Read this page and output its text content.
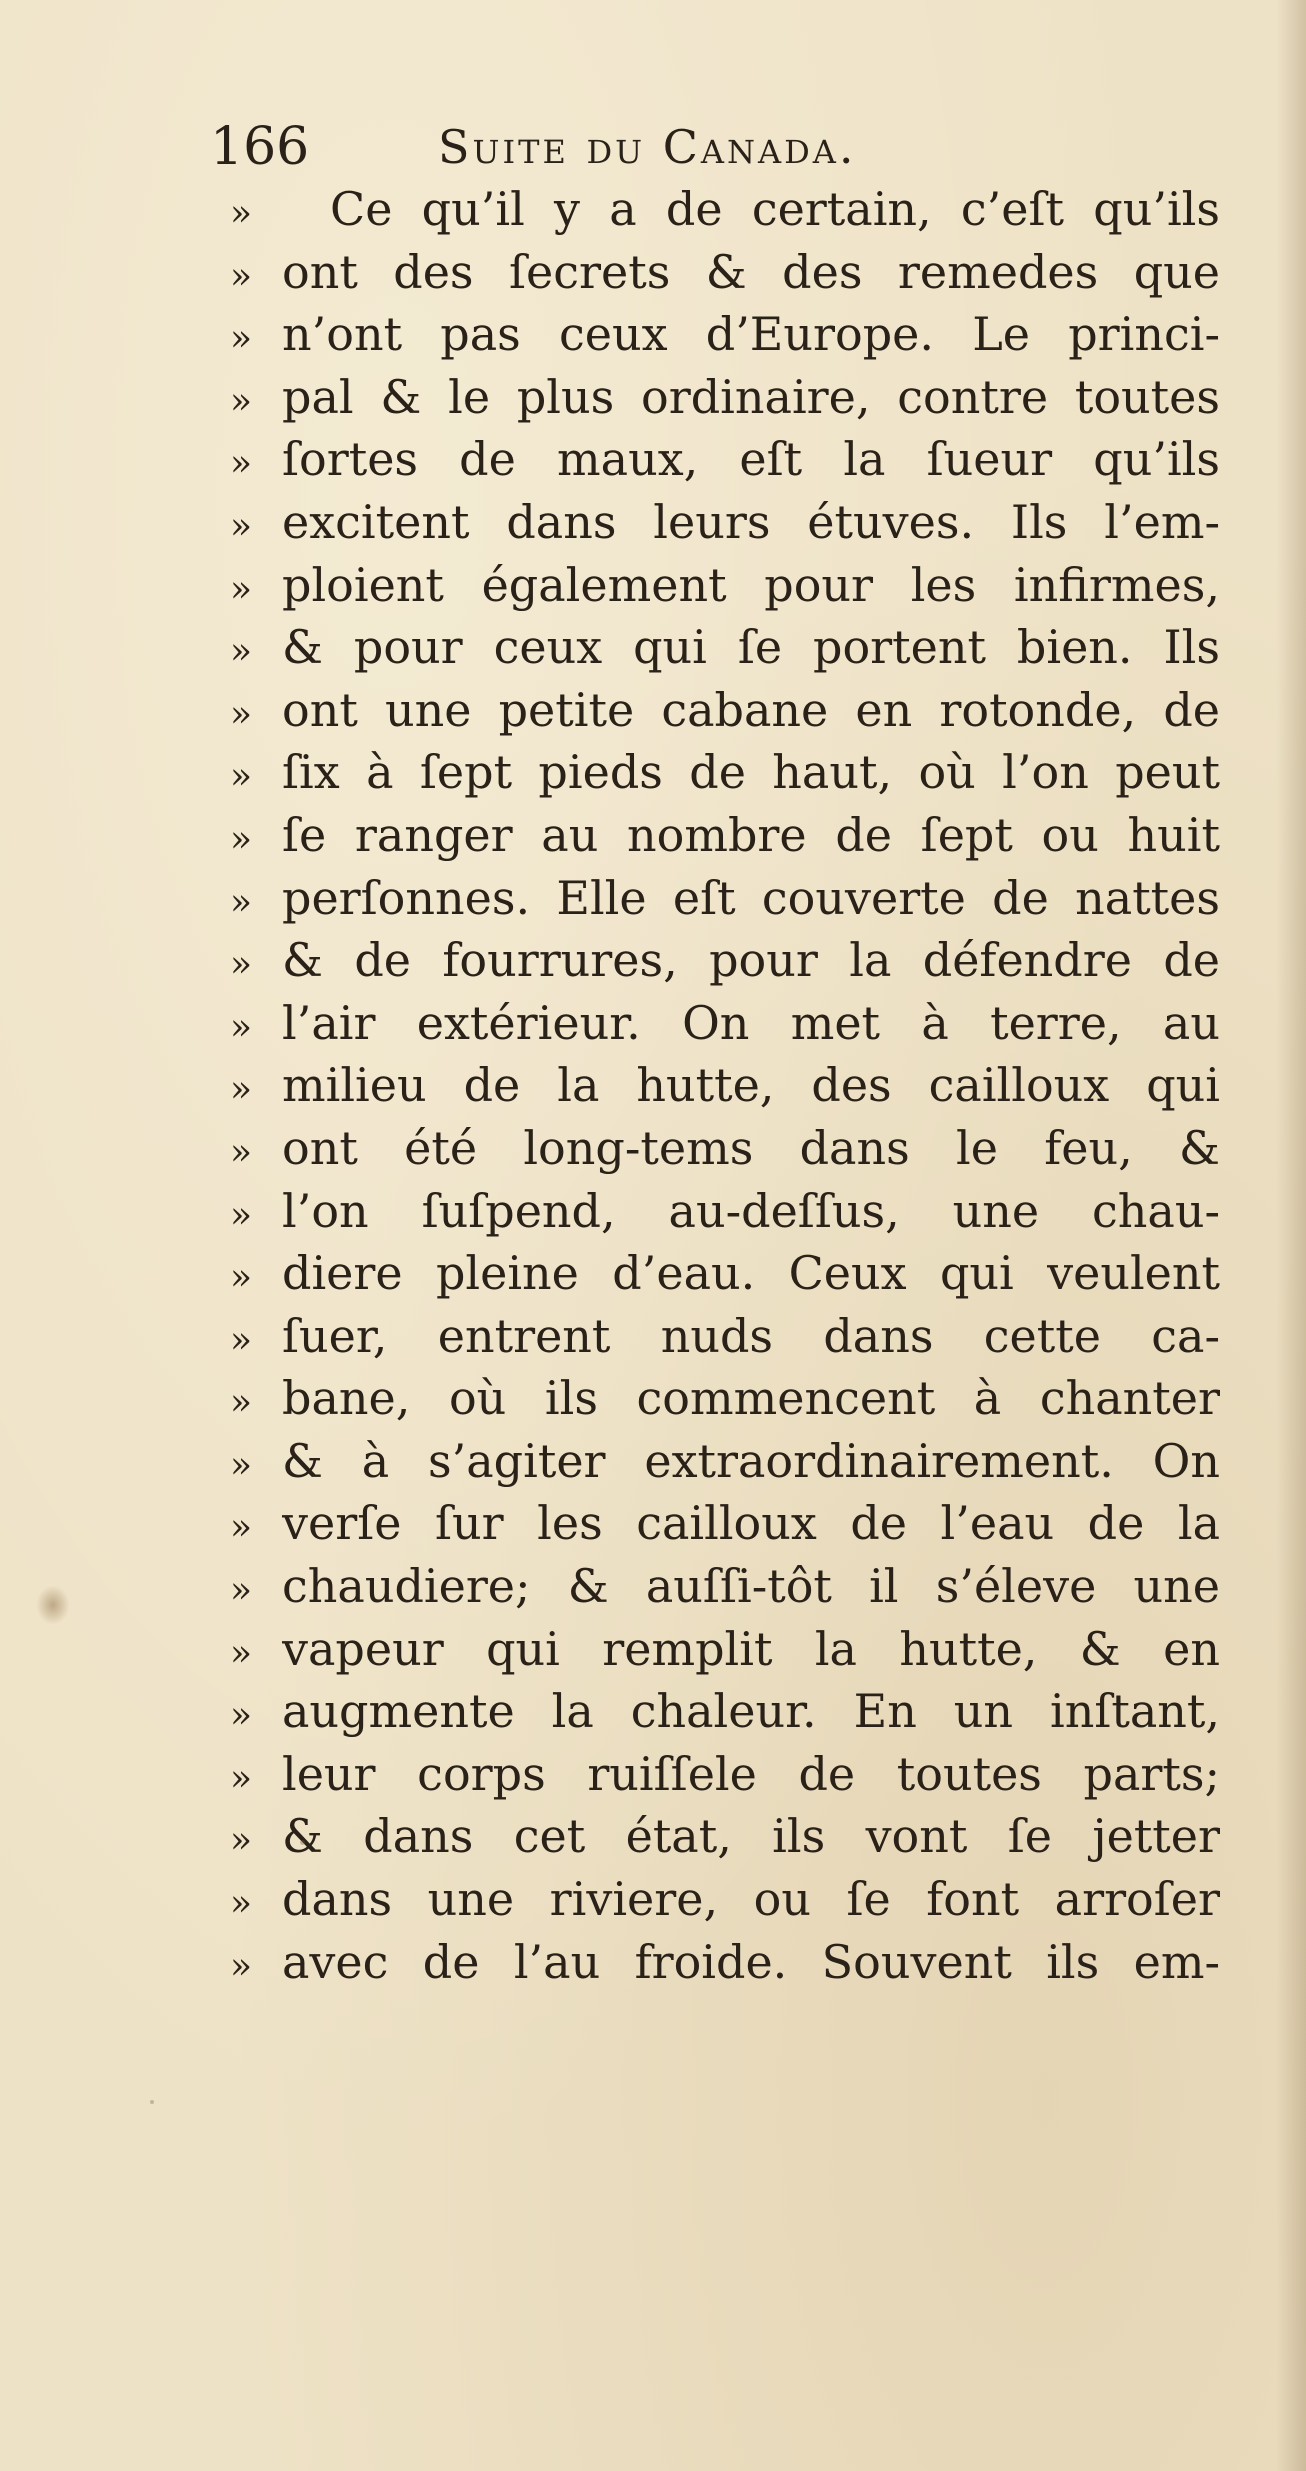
166	Suite du Canada.
»	Ce qu’il y a de certain, c’eſt qu’ils
» ont des ſecrets & des remedes que
» n’ont pas ceux d’Europe. Le princi-
» pal & le plus ordinaire, contre toutes
» ſortes de maux, eſt la ſueur qu’ils
» excitent dans leurs étuves. Ils l’em-
» ploient également pour les infirmes,
» & pour ceux qui ſe portent bien. Ils
» ont une petite cabane en rotonde, de
» ſix à ſept pieds de haut, où l’on peut
» ſe ranger au nombre de ſept ou huit
» perſonnes. Elle eſt couverte de nattes
» & de fourrures, pour la défendre de
» l’air extérieur. On met à terre, au
» milieu de la hutte, des cailloux qui
» ont été long-tems dans le feu, &
» l’on ſuſpend, au-deſſus, une chau-
» diere pleine d’eau. Ceux qui veulent
» ſuer, entrent nuds dans cette ca-
» bane, où ils commencent à chanter
» & à s’agiter extraordinairement. On
» verſe ſur les cailloux de l’eau de la
» chaudiere; & auſſi-tôt il s’éleve une
» vapeur qui remplit la hutte, & en
» augmente la chaleur. En un inſtant,
» leur corps ruiſſele de toutes parts;
» & dans cet état, ils vont ſe jetter
» dans une riviere, ou ſe font arroſer
» avec de l’au froide. Souvent ils em-
